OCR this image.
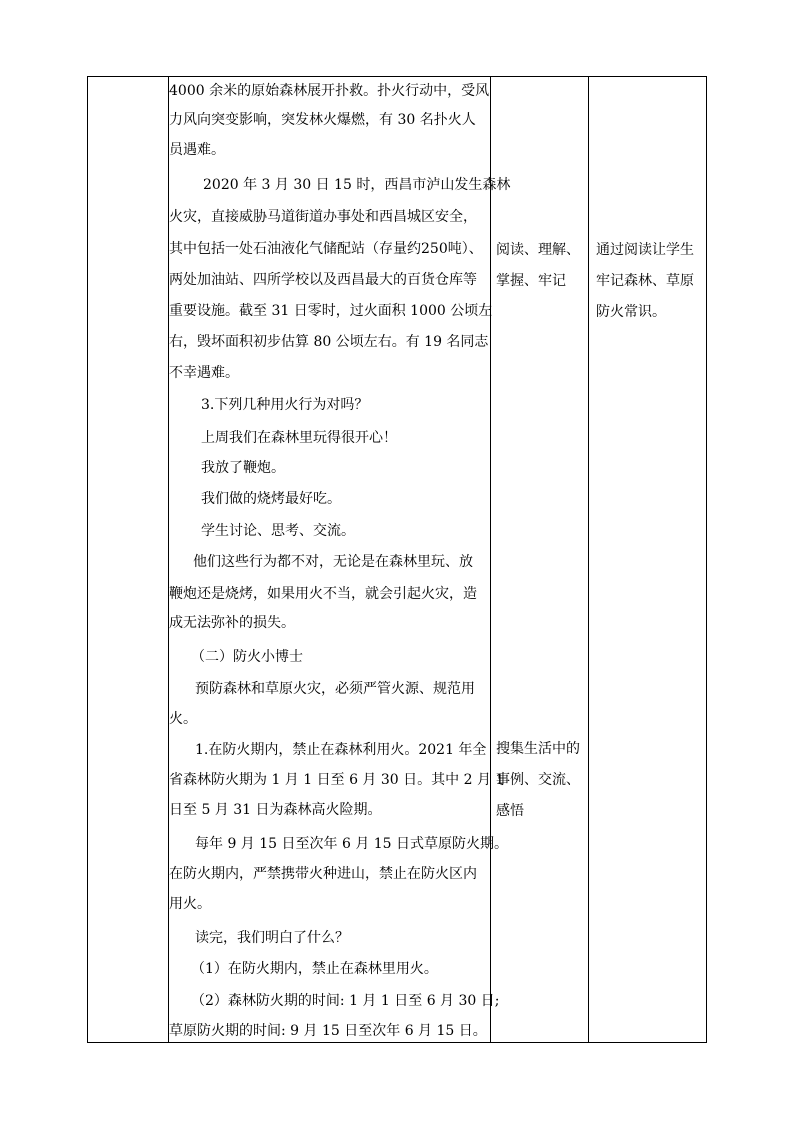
4000 余米的原始森林展开扑救。扑火行动中，受风
力风向突变影响，突发林火爆燃，有 30 名扑火人
员遇难。
2020 年 3 月 30 日 15 时，西昌市泸山发生森林
火灾，直接威胁马道街道办事处和西昌城区安全，
其中包括一处石油液化气储配站（存量约250吨）、
两处加油站、四所学校以及西昌最大的百货仓库等
重要设施。截至 31 日零时，过火面积 1000 公顷左
右，毁坏面积初步估算 80 公顷左右。有 19 名同志
不幸遇难。
3.下列几种用火行为对吗？
上周我们在森林里玩得很开心！
我放了鞭炮。
我们做的烧烤最好吃。
学生讨论、思考、交流。
他们这些行为都不对，无论是在森林里玩、放
鞭炮还是烧烤，如果用火不当，就会引起火灾，造
成无法弥补的损失。
（二）防火小博士
预防森林和草原火灾，必须严管火源、规范用
火。
1.在防火期内，禁止在森林利用火。2021 年全
省森林防火期为 1 月 1 日至 6 月 30 日。其中 2 月 1
日至 5 月 31 日为森林高火险期。
每年 9 月 15 日至次年 6 月 15 日式草原防火期。
在防火期内，严禁携带火种进山，禁止在防火区内
用火。
读完，我们明白了什么？
（1）在防火期内，禁止在森林里用火。
（2）森林防火期的时间: 1 月 1 日至 6 月 30 日;
草原防火期的时间: 9 月 15 日至次年 6 月 15 日。
阅读、理解、
掌握、牢记
搜集生活中的
事例、交流、
感悟
通过阅读让学生
牢记森林、草原
防火常识。
